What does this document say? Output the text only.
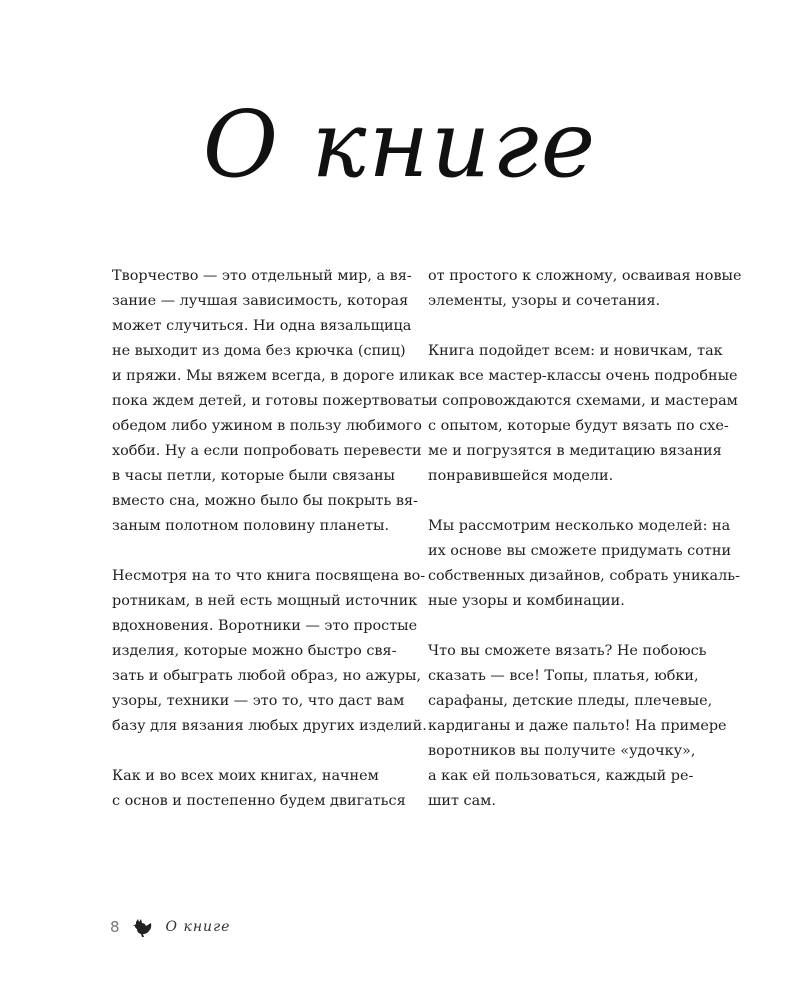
О книге

Творчество — это отдельный мир, а вя-
зание — лучшая зависимость, которая
может случиться. Ни одна вязальщица
не выходит из дома без крючка (спиц)
и пряжи. Мы вяжем всегда, в дороге или
пока ждем детей, и готовы пожертвовать
обедом либо ужином в пользу любимого
хобби. Ну а если попробовать перевести
в часы петли, которые были связаны
вместо сна, можно было бы покрыть вя-
заным полотном половину планеты.

Несмотря на то что книга посвящена во-
ротникам, в ней есть мощный источник
вдохновения. Воротники — это простые
изделия, которые можно быстро свя-
зать и обыграть любой образ, но ажуры,
узоры, техники — это то, что даст вам
базу для вязания любых других изделий.

Как и во всех моих книгах, начнем
с основ и постепенно будем двигаться

от простого к сложному, осваивая новые
элементы, узоры и сочетания.

Книга подойдет всем: и новичкам, так
как все мастер-классы очень подробные
и сопровождаются схемами, и мастерам
с опытом, которые будут вязать по схе-
ме и погрузятся в медитацию вязания
понравившейся модели.

Мы рассмотрим несколько моделей: на
их основе вы сможете придумать сотни
собственных дизайнов, собрать уникаль-
ные узоры и комбинации.

Что вы сможете вязать? Не побоюсь
сказать — все! Топы, платья, юбки,
сарафаны, детские пледы, плечевые,
кардиганы и даже пальто! На примере
воротников вы получите «удочку»,
а как ей пользоваться, каждый ре-
шит сам.

8	О книге
